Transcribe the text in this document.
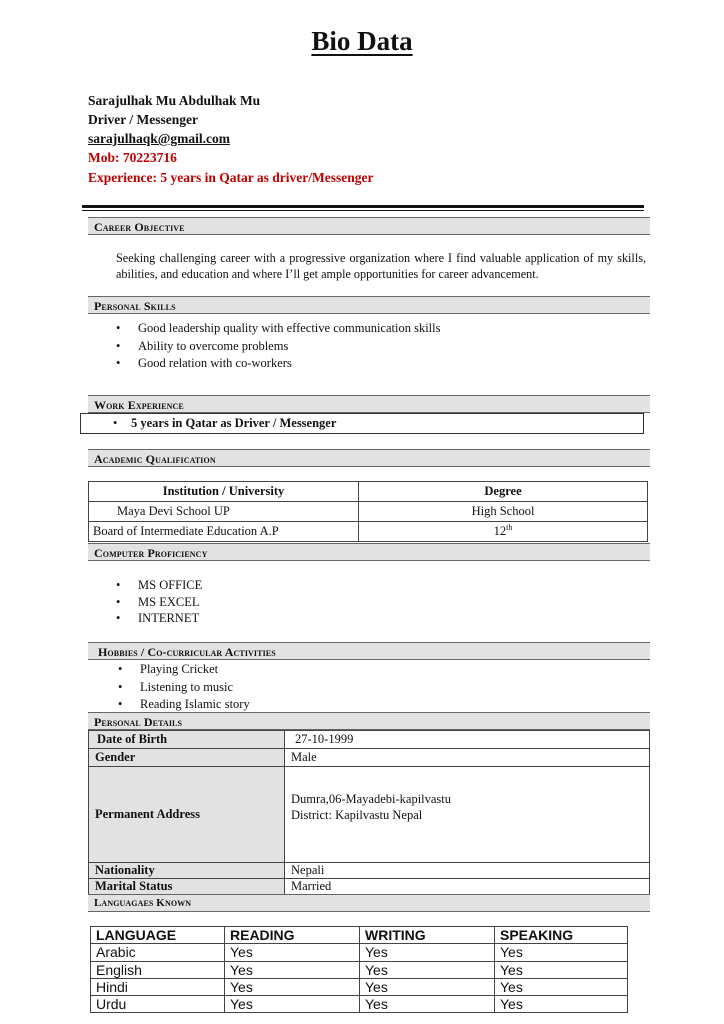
Bio Data
Sarajulhak Mu Abdulhak Mu
Driver / Messenger
sarajulhaqk@gmail.com
Mob: 70223716
Experience: 5 years in Qatar as driver/Messenger
Career Objective
Seeking challenging career with a progressive organization where I find valuable application of my skills, abilities, and education and where I’ll get ample opportunities for career advancement.
Personal Skills
• Good leadership quality with effective communication skills
• Ability to overcome problems
• Good relation with co-workers
Work Experience
• 5 years in Qatar as Driver / Messenger
Academic Qualification
Institution / University	Degree
Maya Devi School UP	High School
Board of Intermediate Education A.P	12th
Computer Proficiency
• MS OFFICE
• MS EXCEL
• INTERNET
Hobbies / Co-curricular Activities
• Playing Cricket
• Listening to music
• Reading Islamic story
Personal Details
Date of Birth	27-10-1999
Gender	Male
Permanent Address	Dumra,06-Mayadebi-kapilvastu
District: Kapilvastu Nepal

Nationality	Nepali
Marital Status	Married
Languagaes Known
LANGUAGE	READING	WRITING	SPEAKING
Arabic	Yes	Yes	Yes
English	Yes	Yes	Yes
Hindi	Yes	Yes	Yes
Urdu	Yes	Yes	Yes
